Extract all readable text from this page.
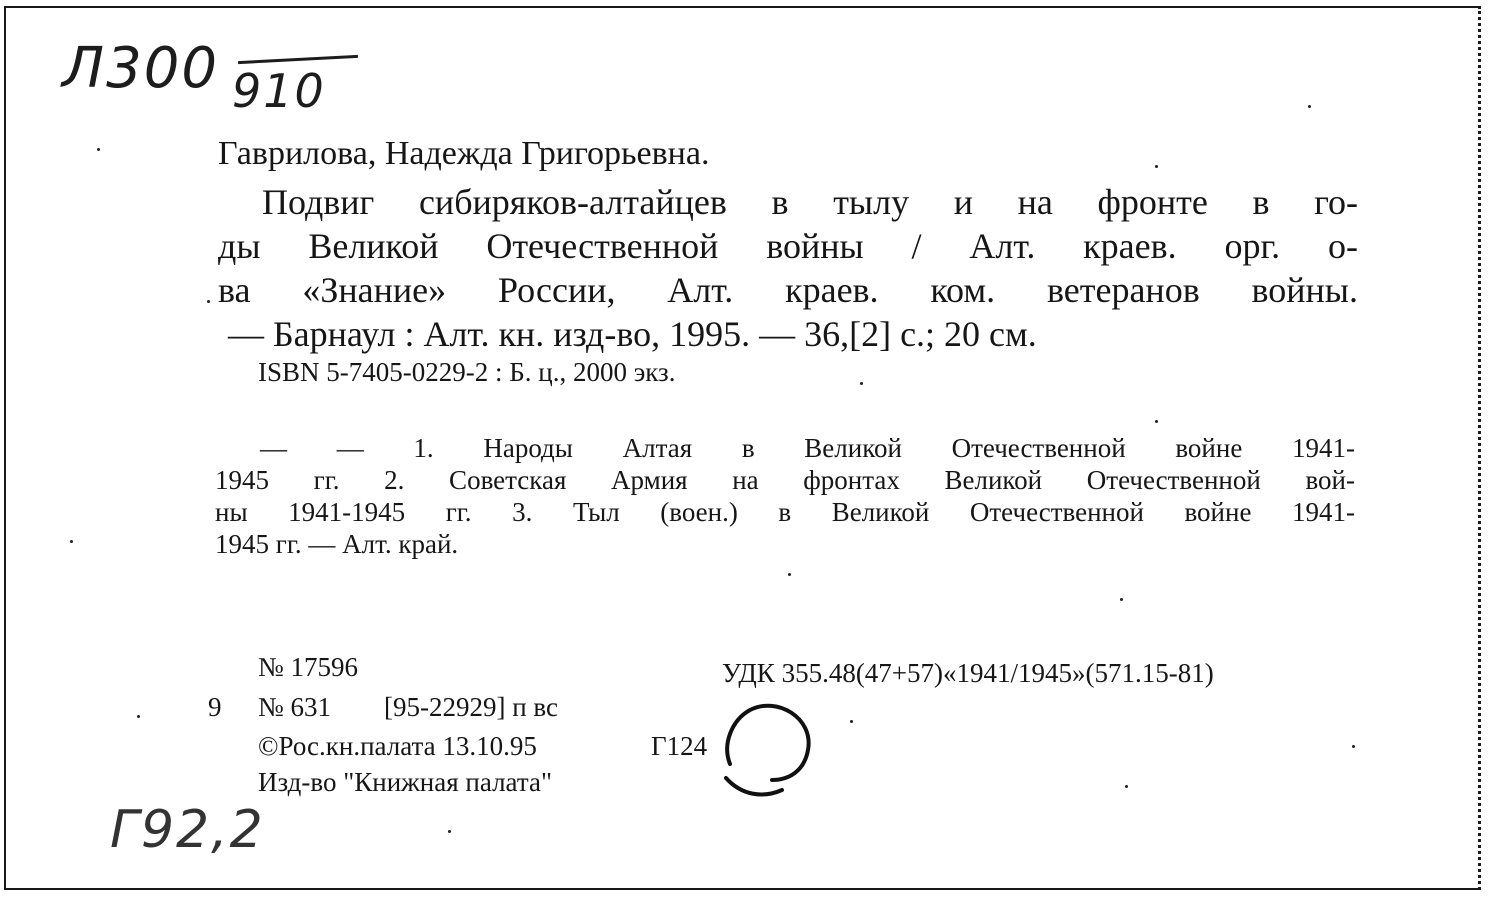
Л300 910
Гаврилова, Надежда Григорьевна.
Подвиг сибиряков-алтайцев в тылу и на фронте в го-
ды Великой Отечественной войны / Алт. краев. орг. о-
ва «Знание» России, Алт. краев. ком. ветеранов войны.
— Барнаул : Алт. кн. изд-во, 1995. — 36,[2] с.; 20 см.
ISBN 5-7405-0229-2 : Б. ц., 2000 экз.
— — 1. Народы Алтая в Великой Отечественной войне 1941-
1945 гг. 2. Советская Армия на фронтах Великой Отечественной вой-
ны 1941-1945 гг. 3. Тыл (воен.) в Великой Отечественной войне 1941-
1945 гг. — Алт. край.
№ 17596
9 № 631 [95-22929] п вс
©Рос.кн.палата 13.10.95	Г124
Изд-во "Книжная палата"
УДК 355.48(47+57)«1941/1945»(571.15-81)
Г92,2
